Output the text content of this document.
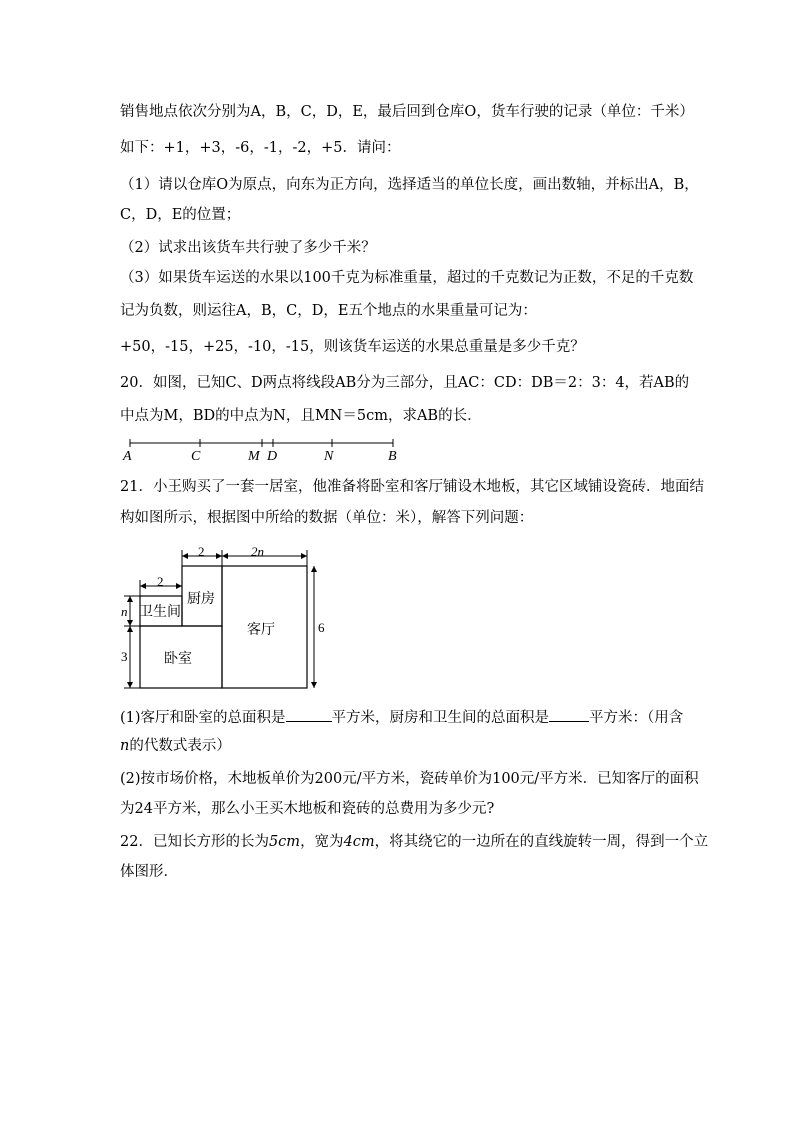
销售地点依次分别为A，B，C，D，E，最后回到仓库O，货车行驶的记录（单位：千米）
如下：+1，+3，-6，-1，-2，+5．请问：
（1）请以仓库O为原点，向东为正方向，选择适当的单位长度，画出数轴，并标出A，B，
C，D，E的位置；
（2）试求出该货车共行驶了多少千米？
（3）如果货车运送的水果以100千克为标准重量，超过的千克数记为正数，不足的千克数
记为负数，则运往A，B，C，D，E五个地点的水果重量可记为：
+50，-15，+25，-10，-15，则该货车运送的水果总重量是多少千克？
20．如图，已知C、D两点将线段AB分为三部分，且AC：CD：DB＝2：3：4，若AB的
中点为M，BD的中点为N，且MN＝5cm，求AB的长．
A	C	M D	N	B
21．小王购买了一套一居室，他准备将卧室和客厅铺设木地板，其它区域铺设瓷砖．地面结
构如图所示，根据图中所给的数据（单位：米），解答下列问题：
2	2n
2
n
3
6
厨房
卫生间
客厅
卧室
(1)客厅和卧室的总面积是	平方米，厨房和卫生间的总面积是	平方米：（用含
n的代数式表示）
(2)按市场价格，木地板单价为200元/平方米，瓷砖单价为100元/平方米．已知客厅的面积
为24平方米，那么小王买木地板和瓷砖的总费用为多少元?
22．已知长方形的长为5cm，宽为4cm，将其绕它的一边所在的直线旋转一周，得到一个立
体图形．
